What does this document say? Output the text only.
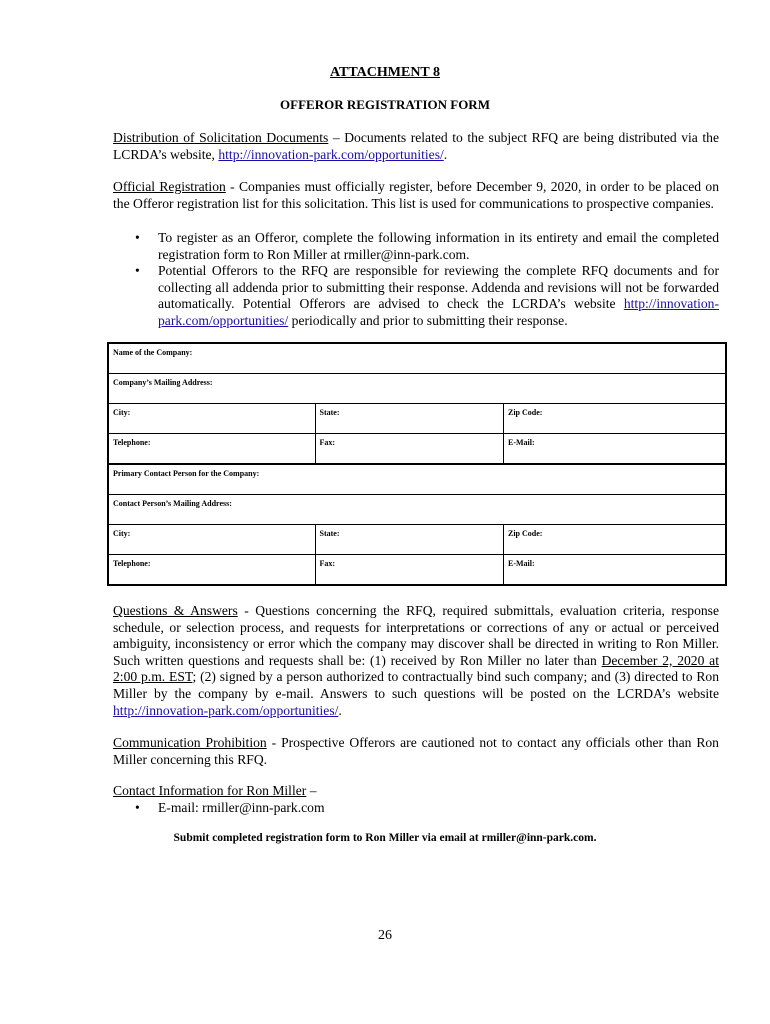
ATTACHMENT 8
OFFEROR REGISTRATION FORM
Distribution of Solicitation Documents – Documents related to the subject RFQ are being distributed via the LCRDA’s website, http://innovation-park.com/opportunities/.
Official Registration - Companies must officially register, before December 9, 2020, in order to be placed on the Offeror registration list for this solicitation. This list is used for communications to prospective companies.
• To register as an Offeror, complete the following information in its entirety and email the completed registration form to Ron Miller at rmiller@inn-park.com.
• Potential Offerors to the RFQ are responsible for reviewing the complete RFQ documents and for collecting all addenda prior to submitting their response. Addenda and revisions will not be forwarded automatically. Potential Offerors are advised to check the LCRDA’s website http://innovation-park.com/opportunities/ periodically and prior to submitting their response.
Name of the Company:		
Company’s Mailing Address:		
City:	State:	Zip Code:
Telephone:	Fax:	E-Mail:
Primary Contact Person for the Company:		
Contact Person’s Mailing Address:		
City:	State:	Zip Code:
Telephone:	Fax:	E-Mail:
Questions & Answers - Questions concerning the RFQ, required submittals, evaluation criteria, response schedule, or selection process, and requests for interpretations or corrections of any or actual or perceived ambiguity, inconsistency or error which the company may discover shall be directed in writing to Ron Miller. Such written questions and requests shall be: (1) received by Ron Miller no later than December 2, 2020 at 2:00 p.m. EST; (2) signed by a person authorized to contractually bind such company; and (3) directed to Ron Miller by the company by e-mail. Answers to such questions will be posted on the LCRDA’s website http://innovation-park.com/opportunities/.
Communication Prohibition - Prospective Offerors are cautioned not to contact any officials other than Ron Miller concerning this RFQ.
Contact Information for Ron Miller –
• E-mail: rmiller@inn-park.com
Submit completed registration form to Ron Miller via email at rmiller@inn-park.com.
26
